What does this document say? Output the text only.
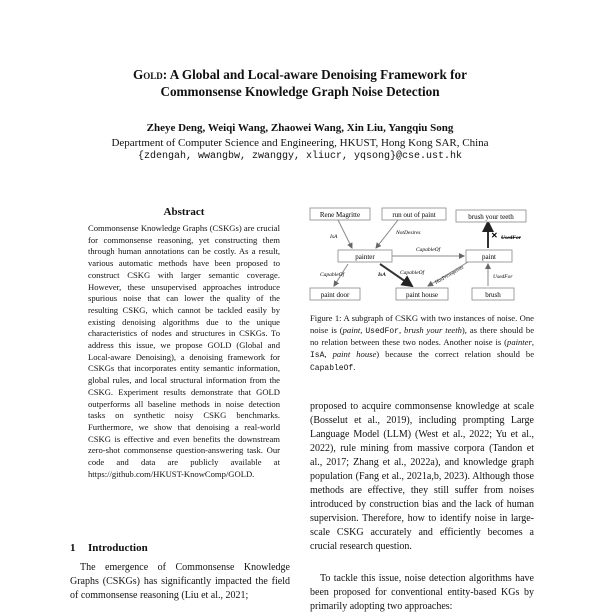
Gold: A Global and Local-aware Denoising Framework for
Commonsense Knowledge Graph Noise Detection
Zheye Deng, Weiqi Wang, Zhaowei Wang, Xin Liu, Yangqiu Song
Department of Computer Science and Engineering, HKUST, Hong Kong SAR, China
{zdengah, wwangbw, zwanggy, xliucr, yqsong}@cse.ust.hk
Abstract

Commonsense Knowledge Graphs (CSKGs) are crucial for commonsense reasoning, yet constructing them through human annotations can be costly. As a result, various automatic methods have been proposed to construct CSKG with larger semantic coverage. However, these unsupervised approaches introduce spurious noise that can lower the quality of the resulting CSKG, which cannot be tackled easily by existing denoising algorithms due to the unique characteristics of nodes and structures in CSKGs. To address this issue, we propose GOLD (Global and Local-aware Denoising), a denoising framework for CSKGs that incorporates entity semantic information, global rules, and local structural information from the CSKG. Experiment results demonstrate that GOLD outperforms all baseline methods in noise detection tasks on synthetic noisy CSKG benchmarks. Furthermore, we show that denoising a real-world CSKG is effective and even benefits the downstream zero-shot commonsense question-answering task. Our code and data are publicly available at https://github.com/HKUST-KnowComp/GOLD.

1 Introduction

The emergence of Commonsense Knowledge Graphs (CSKGs) has significantly impacted the field of commonsense reasoning (Liu et al., 2021;

Rene Magritte	run out of paint	brush your teeth
painter	paint
paint door	paint house	brush
IsA
NotDesires
CapableOf
CapableOf	CapableOf
IsA
UsedFor
✕
UsedFor
HasPrerequisite

Figure 1: A subgraph of CSKG with two instances of noise. One noise is (paint, UsedFor, brush your teeth), as there should be no relation between these two nodes. Another noise is (painter, IsA, paint house) because the correct relation should be CapableOf.

proposed to acquire commonsense knowledge at scale (Bosselut et al., 2019), including prompting Large Language Model (LLM) (West et al., 2022; Yu et al., 2022), rule mining from massive corpora (Tandon et al., 2017; Zhang et al., 2022a), and knowledge graph population (Fang et al., 2021a,b, 2023). Although those methods are effective, they still suffer from noises introduced by construction bias and the lack of human supervision. Therefore, how to identify noise in large-scale CSKG accurately and efficiently becomes a crucial research question.

To tackle this issue, noise detection algorithms have been proposed for conventional entity-based KGs by primarily adopting two approaches:
